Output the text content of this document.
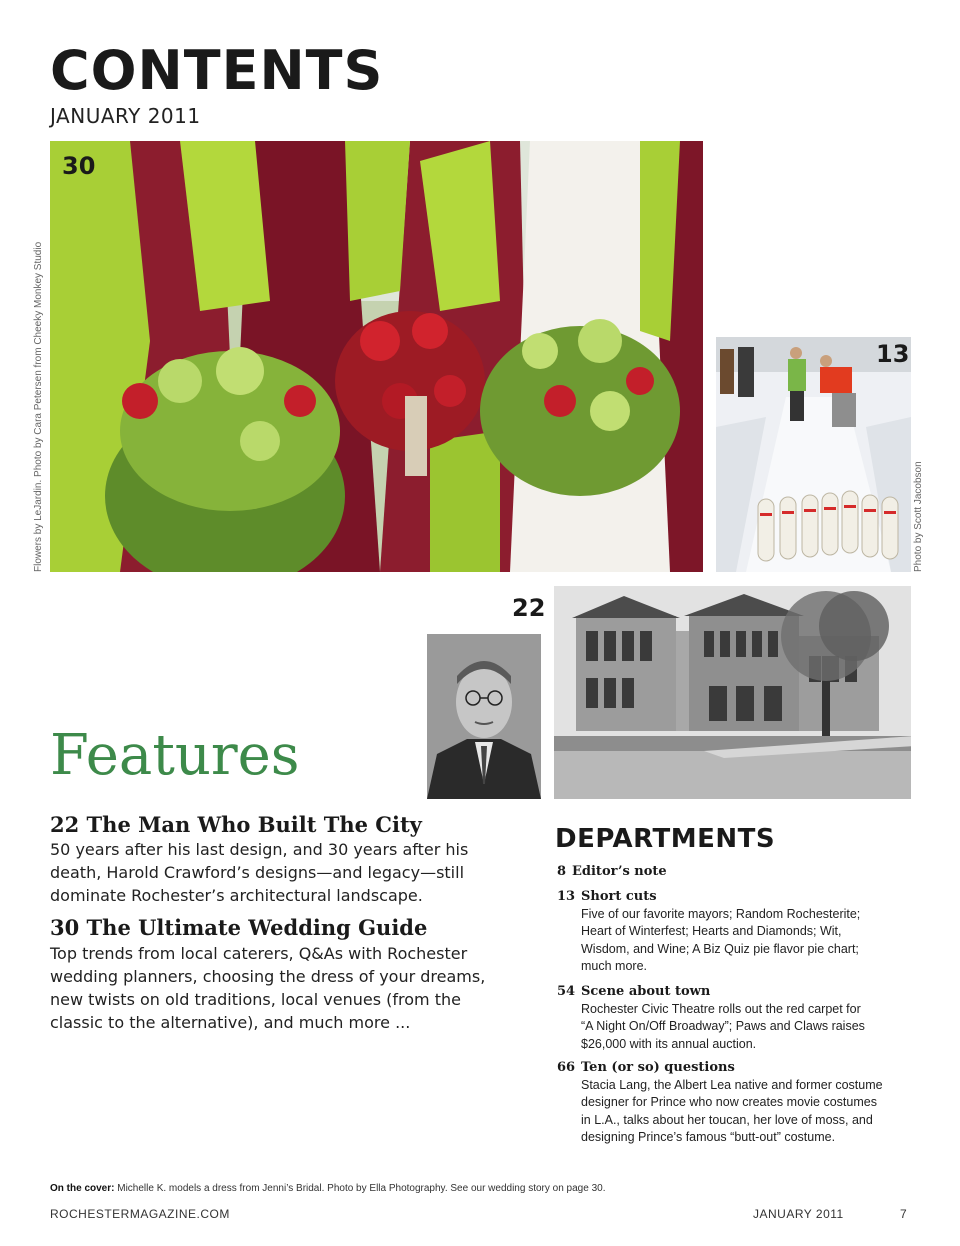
CONTENTS
JANUARY 2011
30
Flowers by LeJardin. Photo by Cara Petersen from Cheeky Monkey Studio	13
Photo by Scott Jacobson
22
Features
22 The Man Who Built The City
50 years after his last design, and 30 years after his
death, Harold Crawford’s designs—and legacy—still
dominate Rochester’s architectural landscape.
30 The Ultimate Wedding Guide
Top trends from local caterers, Q&As with Rochester
wedding planners, choosing the dress of your dreams,
new twists on old traditions, local venues (from the
classic to the alternative), and much more ...
DEPARTMENTS
8 Editor’s note
13 Short cuts
Five of our favorite mayors; Random Rochesterite;
Heart of Winterfest; Hearts and Diamonds; Wit,
Wisdom, and Wine; A Biz Quiz pie flavor pie chart;
much more.
54 Scene about town
Rochester Civic Theatre rolls out the red carpet for
“A Night On/Off Broadway”; Paws and Claws raises
$26,000 with its annual auction.
66 Ten (or so) questions
Stacia Lang, the Albert Lea native and former costume
designer for Prince who now creates movie costumes
in L.A., talks about her toucan, her love of moss, and
designing Prince’s famous “butt-out” costume.
On the cover: Michelle K. models a dress from Jenni’s Bridal. Photo by Ella Photography. See our wedding story on page 30.
ROCHESTERMAGAZINE.COM	JANUARY 2011	7
